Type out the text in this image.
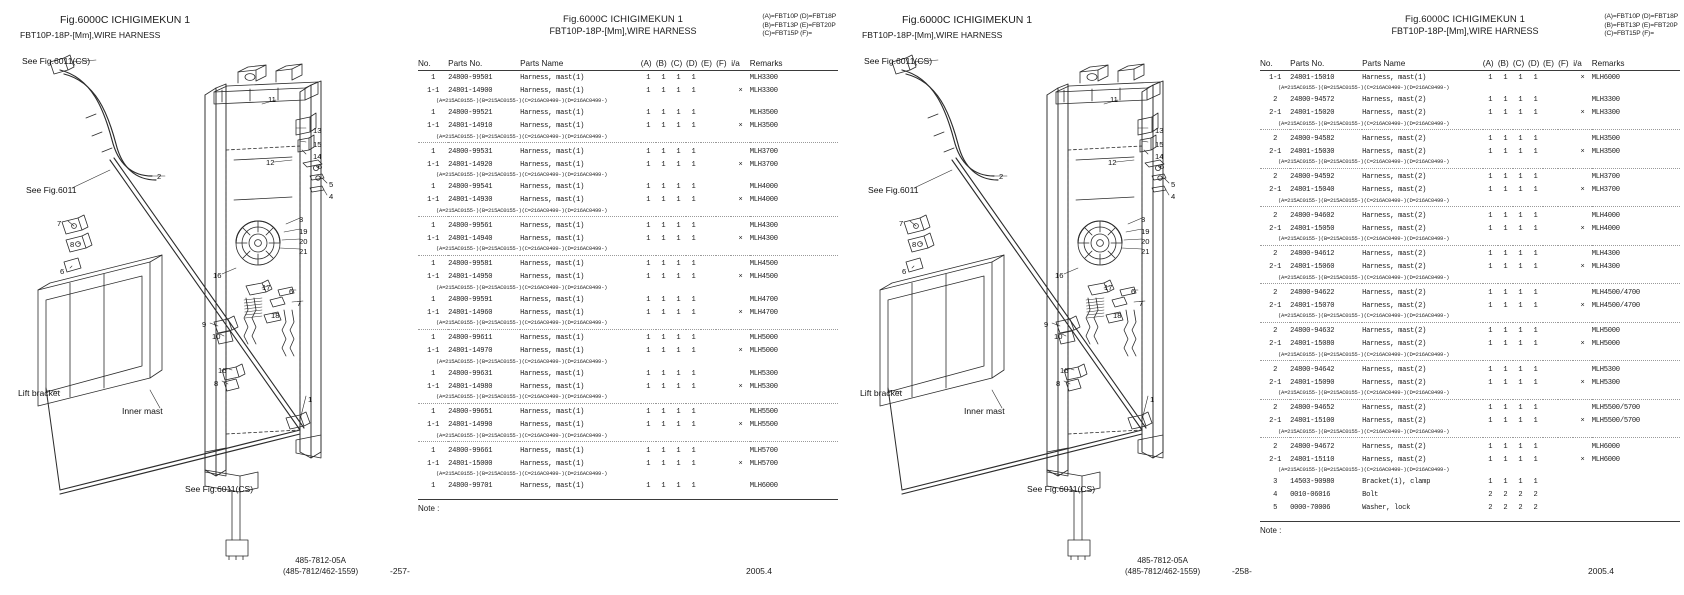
Fig.6000C ICHIGIMEKUN 1
FBT10P-18P-[Mm],WIRE HARNESS
See Fig.6011(CS)
See Fig.6011
Lift bracket
Inner mast
See Fig.6011(CS)
2
7
8
6	16
17 6
7
18
9
10
16
8
1
11
13
15
14
12	6
5
4
3
19
20
21
Fig.6000C ICHIGIMEKUN 1
FBT10P-18P-[Mm],WIRE HARNESS
(A)=FBT10P (D)=FBT18P
(B)=FBT13P (E)=FBT20P
(C)=FBT15P (F)=
No.	Parts No.	Parts Name	(A)	(B)	(C)	(D)	(E)	(F)	i/a	Remarks
1	24800-99501	Harness, mast(1)	1	1	1	1				MLH3300
1-1	24801-14900	Harness, mast(1)	1	1	1	1			×	MLH3300

(A=215AC0155-)(B=215AC0155-)(C=216AC0499-)(D=216AC0499-)										

1	24800-99521	Harness, mast(1)	1	1	1	1				MLH3500
1-1	24801-14910	Harness, mast(1)	1	1	1	1			×	MLH3500

(A=215AC0155-)(B=215AC0155-)(C=216AC0499-)(D=216AC0499-)										

1	24800-99531	Harness, mast(1)	1	1	1	1				MLH3700
1-1	24801-14920	Harness, mast(1)	1	1	1	1			×	MLH3700

(A=215AC0155-)(B=215AC0155-)(C=216AC0499-)(D=216AC0499-)										

1	24800-99541	Harness, mast(1)	1	1	1	1				MLH4000
1-1	24801-14930	Harness, mast(1)	1	1	1	1			×	MLH4000

(A=215AC0155-)(B=215AC0155-)(C=216AC0499-)(D=216AC0499-)										

1	24800-99561	Harness, mast(1)	1	1	1	1				MLH4300
1-1	24801-14940	Harness, mast(1)	1	1	1	1			×	MLH4300

(A=215AC0155-)(B=215AC0155-)(C=216AC0499-)(D=216AC0499-)										

1	24800-99581	Harness, mast(1)	1	1	1	1				MLH4500
1-1	24801-14950	Harness, mast(1)	1	1	1	1			×	MLH4500

(A=215AC0155-)(B=215AC0155-)(C=216AC0499-)(D=216AC0499-)										

1	24800-99591	Harness, mast(1)	1	1	1	1				MLH4700
1-1	24801-14960	Harness, mast(1)	1	1	1	1			×	MLH4700

(A=215AC0155-)(B=215AC0155-)(C=216AC0499-)(D=216AC0499-)										

1	24800-99611	Harness, mast(1)	1	1	1	1				MLH5000
1-1	24801-14970	Harness, mast(1)	1	1	1	1			×	MLH5000

(A=215AC0155-)(B=215AC0155-)(C=216AC0499-)(D=216AC0499-)										

1	24800-99631	Harness, mast(1)	1	1	1	1				MLH5300
1-1	24801-14980	Harness, mast(1)	1	1	1	1			×	MLH5300

(A=215AC0155-)(B=215AC0155-)(C=216AC0499-)(D=216AC0499-)										

1	24800-99651	Harness, mast(1)	1	1	1	1				MLH5500
1-1	24801-14990	Harness, mast(1)	1	1	1	1			×	MLH5500

(A=215AC0155-)(B=215AC0155-)(C=216AC0499-)(D=216AC0499-)										

1	24800-99661	Harness, mast(1)	1	1	1	1				MLH5700
1-1	24801-15000	Harness, mast(1)	1	1	1	1			×	MLH5700

(A=215AC0155-)(B=215AC0155-)(C=216AC0499-)(D=216AC0499-)										

1	24800-99701	Harness, mast(1)	1	1	1	1				MLH6000
Note :
485-7812-05A
(485-7812/462-1559)	-257-	2005.4
Fig.6000C ICHIGIMEKUN 1
FBT10P-18P-[Mm],WIRE HARNESS
See Fig.6011(CS)
See Fig.6011
Lift bracket
Inner mast
See Fig.6011(CS)
2
7
8
6	16
17 6
7
18
9
10
16
8
1
11
13
15
14
12	6
5
4
3
19
20
21
Fig.6000C ICHIGIMEKUN 1
FBT10P-18P-[Mm],WIRE HARNESS
(A)=FBT10P (D)=FBT18P
(B)=FBT13P (E)=FBT20P
(C)=FBT15P (F)=
No.	Parts No.	Parts Name	(A)	(B)	(C)	(D)	(E)	(F)	i/a	Remarks
1-1	24801-15010	Harness, mast(1)	1	1	1	1			×	MLH6000

(A=215AC0155-)(B=215AC0155-)(C=216AC0499-)(D=216AC0499-)										

2	24800-94572	Harness, mast(2)	1	1	1	1				MLH3300
2-1	24801-15020	Harness, mast(2)	1	1	1	1			×	MLH3300

(A=215AC0155-)(B=215AC0155-)(C=216AC0499-)(D=216AC0499-)										

2	24800-94582	Harness, mast(2)	1	1	1	1				MLH3500
2-1	24801-15030	Harness, mast(2)	1	1	1	1			×	MLH3500

(A=215AC0155-)(B=215AC0155-)(C=216AC0499-)(D=216AC0499-)										

2	24800-94592	Harness, mast(2)	1	1	1	1				MLH3700
2-1	24801-15040	Harness, mast(2)	1	1	1	1			×	MLH3700

(A=215AC0155-)(B=215AC0155-)(C=216AC0499-)(D=216AC0499-)										

2	24800-94602	Harness, mast(2)	1	1	1	1				MLH4000
2-1	24801-15050	Harness, mast(2)	1	1	1	1			×	MLH4000

(A=215AC0155-)(B=215AC0155-)(C=216AC0499-)(D=216AC0499-)										

2	24800-94612	Harness, mast(2)	1	1	1	1				MLH4300
2-1	24801-15060	Harness, mast(2)	1	1	1	1			×	MLH4300

(A=215AC0155-)(B=215AC0155-)(C=216AC0499-)(D=216AC0499-)										

2	24800-94622	Harness, mast(2)	1	1	1	1				MLH4500/4700
2-1	24801-15070	Harness, mast(2)	1	1	1	1			×	MLH4500/4700

(A=215AC0155-)(B=215AC0155-)(C=216AC0499-)(D=216AC0499-)										

2	24800-94632	Harness, mast(2)	1	1	1	1				MLH5000
2-1	24801-15080	Harness, mast(2)	1	1	1	1			×	MLH5000

(A=215AC0155-)(B=215AC0155-)(C=216AC0499-)(D=216AC0499-)										

2	24800-94642	Harness, mast(2)	1	1	1	1				MLH5300
2-1	24801-15090	Harness, mast(2)	1	1	1	1			×	MLH5300

(A=215AC0155-)(B=215AC0155-)(C=216AC0499-)(D=216AC0499-)										

2	24800-94652	Harness, mast(2)	1	1	1	1				MLH5500/5700
2-1	24801-15100	Harness, mast(2)	1	1	1	1			×	MLH5500/5700

(A=215AC0155-)(B=215AC0155-)(C=216AC0499-)(D=216AC0499-)										

2	24800-94672	Harness, mast(2)	1	1	1	1				MLH6000
2-1	24801-15110	Harness, mast(2)	1	1	1	1			×	MLH6000

(A=215AC0155-)(B=215AC0155-)(C=216AC0499-)(D=216AC0499-)										

3	14503-90980	Bracket(1), clamp	1	1	1	1				
4	0010-06016	Bolt	2	2	2	2				
5	0000-70006	Washer, lock	2	2	2	2				
Note :
485-7812-05A
(485-7812/462-1559)	-258-	2005.4
